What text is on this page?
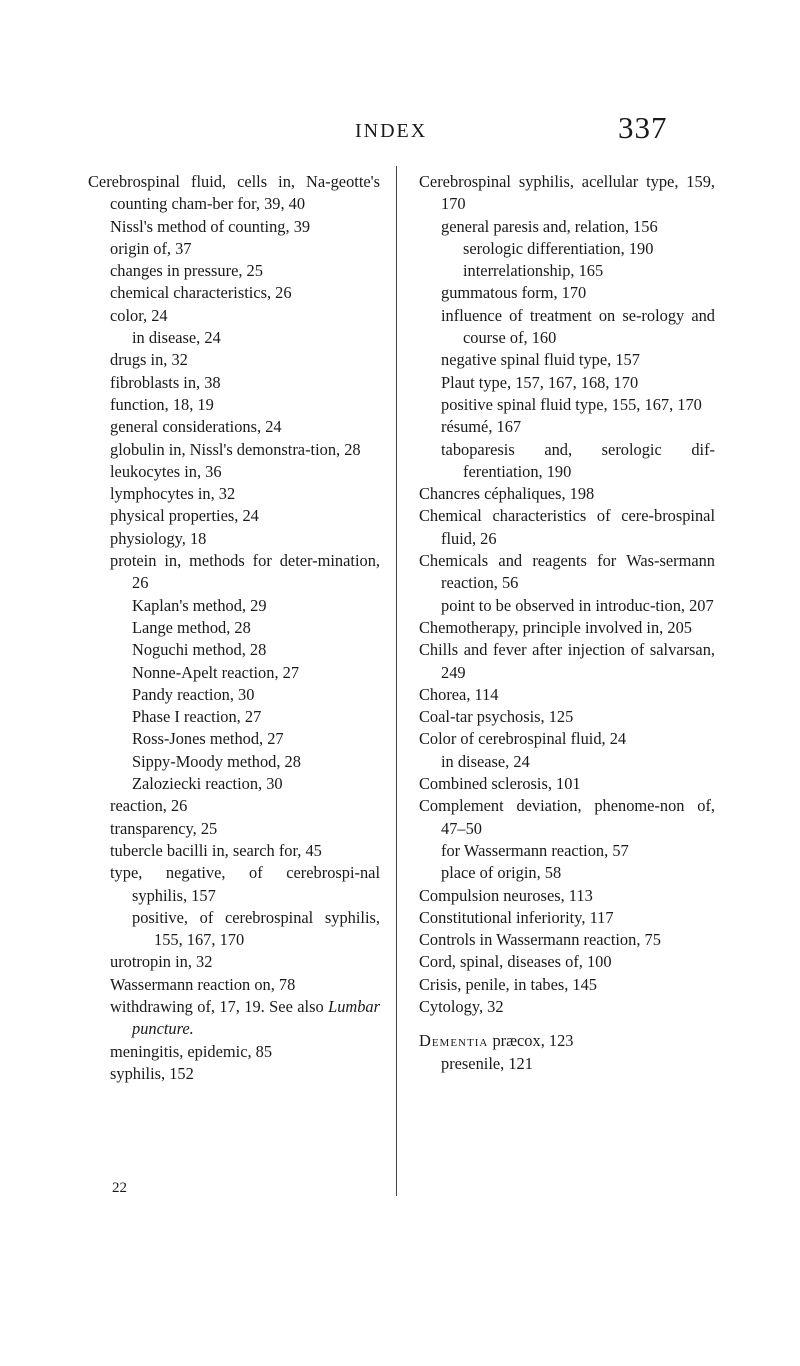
INDEX	337
Cerebrospinal fluid, cells in, Na-geotte's counting cham-ber for, 39, 40
Nissl's method of counting, 39
origin of, 37
changes in pressure, 25
chemical characteristics, 26
color, 24
in disease, 24
drugs in, 32
fibroblasts in, 38
function, 18, 19
general considerations, 24
globulin in, Nissl's demonstra-tion, 28
leukocytes in, 36
lymphocytes in, 32
physical properties, 24
physiology, 18
protein in, methods for deter-mination, 26
Kaplan's method, 29
Lange method, 28
Noguchi method, 28
Nonne-Apelt reaction, 27
Pandy reaction, 30
Phase I reaction, 27
Ross-Jones method, 27
Sippy-Moody method, 28
Zaloziecki reaction, 30
reaction, 26
transparency, 25
tubercle bacilli in, search for, 45
type, negative, of cerebrospi-nal syphilis, 157
positive, of cerebrospinal syphilis, 155, 167, 170
urotropin in, 32
Wassermann reaction on, 78
withdrawing of, 17, 19. See also Lumbar puncture.
meningitis, epidemic, 85
syphilis, 152
Cerebrospinal syphilis, acellular type, 159, 170
general paresis and, relation, 156
serologic differentiation, 190
interrelationship, 165
gummatous form, 170
influence of treatment on se-rology and course of, 160
negative spinal fluid type, 157
Plaut type, 157, 167, 168, 170
positive spinal fluid type, 155, 167, 170
résumé, 167
taboparesis and, serologic dif-ferentiation, 190
Chancres céphaliques, 198
Chemical characteristics of cere-brospinal fluid, 26
Chemicals and reagents for Was-sermann reaction, 56
point to be observed in introduc-tion, 207
Chemotherapy, principle involved in, 205
Chills and fever after injection of salvarsan, 249
Chorea, 114
Coal-tar psychosis, 125
Color of cerebrospinal fluid, 24
in disease, 24
Combined sclerosis, 101
Complement deviation, phenome-non of, 47–50
for Wassermann reaction, 57
place of origin, 58
Compulsion neuroses, 113
Constitutional inferiority, 117
Controls in Wassermann reaction, 75
Cord, spinal, diseases of, 100
Crisis, penile, in tabes, 145
Cytology, 32
Dementia præcox, 123
presenile, 121
22
